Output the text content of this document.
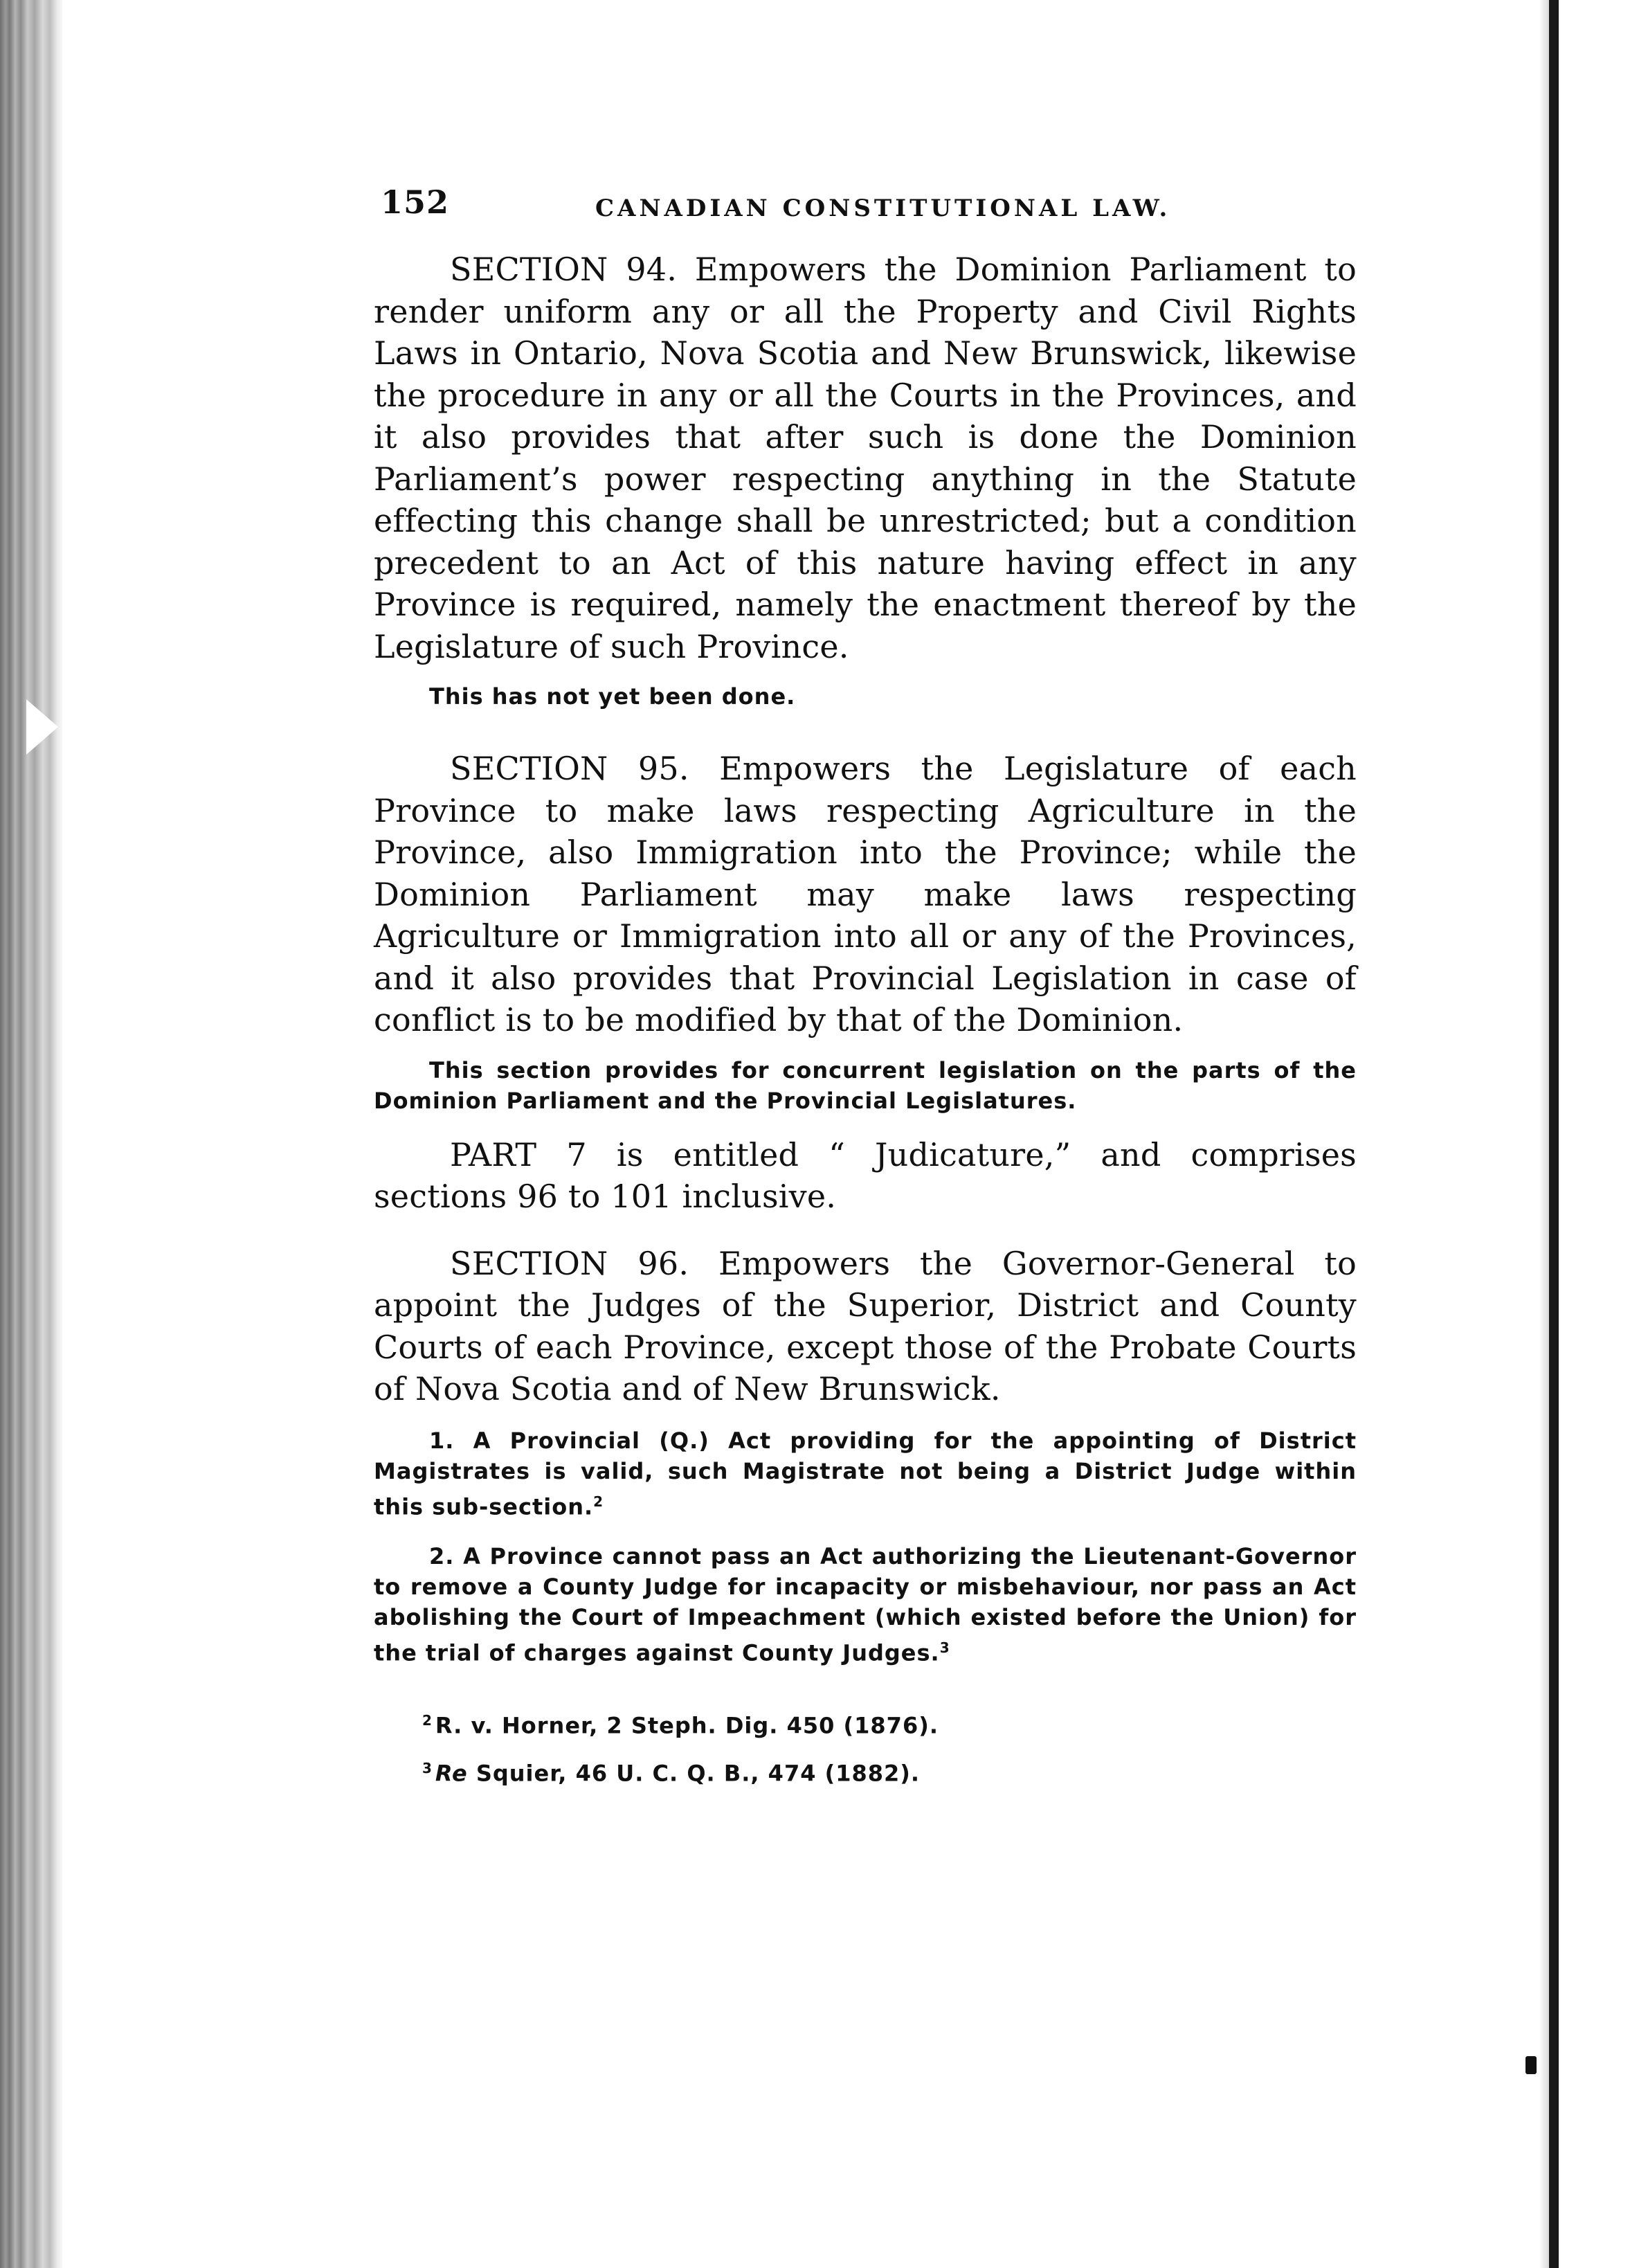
152	CANADIAN CONSTITUTIONAL LAW.

SECTION 94. Empowers the Dominion Parliament to render uniform any or all the Property and Civil Rights Laws in Ontario, Nova Scotia and New Brunswick, likewise the procedure in any or all the Courts in the Provinces, and it also provides that after such is done the Dominion Parliament’s power respecting anything in the Statute effecting this change shall be unrestricted; but a condition precedent to an Act of this nature having effect in any Province is required, namely the enactment thereof by the Legislature of such Province.

This has not yet been done.

SECTION 95. Empowers the Legislature of each Province to make laws respecting Agriculture in the Province, also Immigration into the Province; while the Dominion Parliament may make laws respecting Agriculture or Immigration into all or any of the Provinces, and it also provides that Provincial Legislation in case of conflict is to be modified by that of the Dominion.

This section provides for concurrent legislation on the parts of the Dominion Parliament and the Provincial Legislatures.

PART 7 is entitled “ Judicature,” and comprises sections 96 to 101 inclusive.

SECTION 96. Empowers the Governor-General to appoint the Judges of the Superior, District and County Courts of each Province, except those of the Probate Courts of Nova Scotia and of New Brunswick.

1. A Provincial (Q.) Act providing for the appointing of District Magistrates is valid, such Magistrate not being a District Judge within this sub-section.$^2$

2. A Province cannot pass an Act authorizing the Lieutenant-Governor to remove a County Judge for incapacity or misbehaviour, nor pass an Act abolishing the Court of Impeachment (which existed before the Union) for the trial of charges against County Judges.$^3$

$^2$ R. v. Horner, 2 Steph. Dig. 450 (1876).
$^3$ Re Squier, 46 U. C. Q. B., 474 (1882).
